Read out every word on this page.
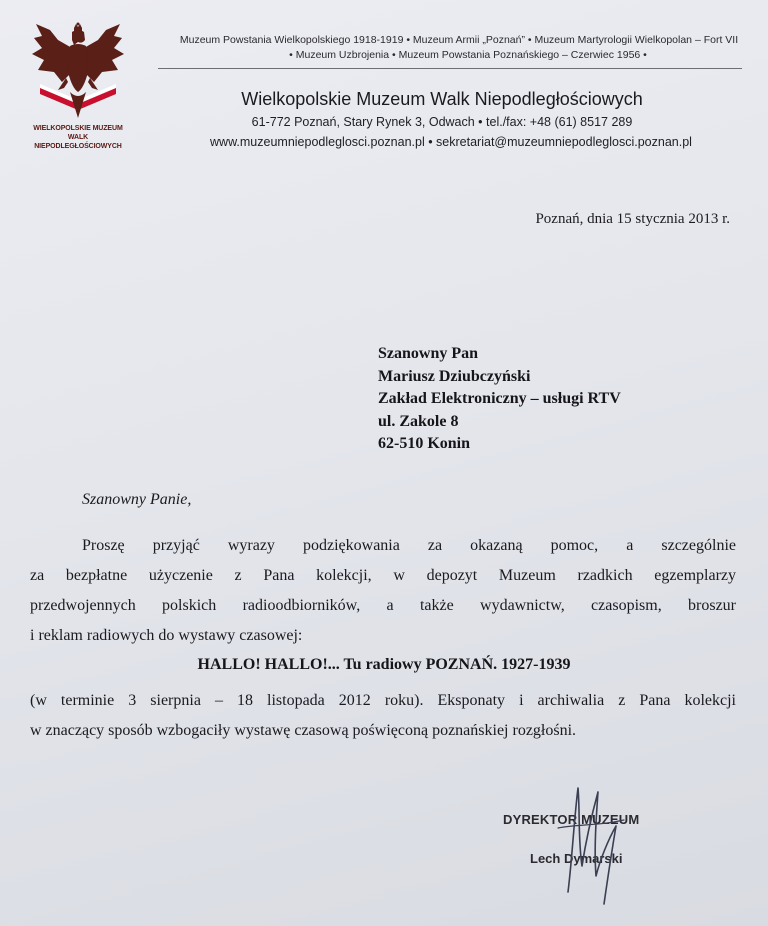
WIELKOPOLSKIE MUZEUM
WALK NIEPODLEGŁOŚCIOWYCH
Muzeum Powstania Wielkopolskiego 1918-1919 • Muzeum Armii „Poznań” • Muzeum Martyrologii Wielkopolan – Fort VII
• Muzeum Uzbrojenia • Muzeum Powstania Poznańskiego – Czerwiec 1956 •
Wielkopolskie Muzeum Walk Niepodległościowych
61-772 Poznań, Stary Rynek 3, Odwach • tel./fax: +48 (61) 8517 289
www.muzeumniepodleglosci.poznan.pl • sekretariat@muzeumniepodleglosci.poznan.pl
Poznań, dnia 15 stycznia 2013 r.
Szanowny Pan
Mariusz Dziubczyński
Zakład Elektroniczny – usługi RTV
ul. Zakole 8
62-510 Konin
Szanowny Panie,
Proszę przyjąć wyrazy podziękowania za okazaną pomoc, a szczególnie
za bezpłatne użyczenie z Pana kolekcji, w depozyt Muzeum rzadkich egzemplarzy
przedwojennych polskich radioodbiorników, a także wydawnictw, czasopism, broszur
i reklam radiowych do wystawy czasowej:
HALLO! HALLO!... Tu radiowy POZNAŃ. 1927-1939
(w terminie 3 sierpnia – 18 listopada 2012 roku). Eksponaty i archiwalia z Pana kolekcji
w znaczący sposób wzbogaciły wystawę czasową poświęconą poznańskiej rozgłośni.
DYREKTOR MUZEUM
Lech Dymarski
